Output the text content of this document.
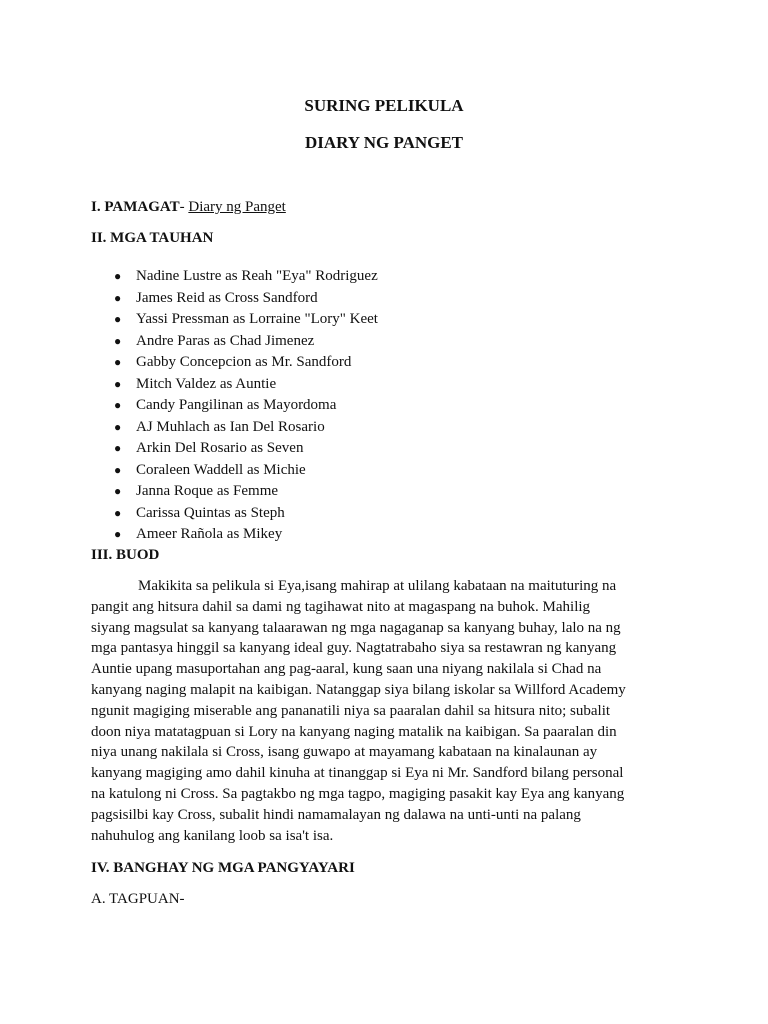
SURING PELIKULA
DIARY NG PANGET
I. PAMAGAT- Diary ng Panget
II. MGA TAUHAN
● Nadine Lustre as Reah "Eya" Rodriguez
● James Reid as Cross Sandford
● Yassi Pressman as Lorraine "Lory" Keet
● Andre Paras as Chad Jimenez
● Gabby Concepcion as Mr. Sandford
● Mitch Valdez as Auntie
● Candy Pangilinan as Mayordoma
● AJ Muhlach as Ian Del Rosario
● Arkin Del Rosario as Seven
● Coraleen Waddell as Michie
● Janna Roque as Femme
● Carissa Quintas as Steph
● Ameer Rañola as Mikey
III. BUOD

Makikita sa pelikula si Eya,isang mahirap at ulilang kabataan na maituturing na
pangit ang hitsura dahil sa dami ng tagihawat nito at magaspang na buhok. Mahilig
siyang magsulat sa kanyang talaarawan ng mga nagaganap sa kanyang buhay, lalo na ng
mga pantasya hinggil sa kanyang ideal guy. Nagtatrabaho siya sa restawran ng kanyang
Auntie upang masuportahan ang pag-aaral, kung saan una niyang nakilala si Chad na
kanyang naging malapit na kaibigan. Natanggap siya bilang iskolar sa Willford Academy
ngunit magiging miserable ang pananatili niya sa paaralan dahil sa hitsura nito; subalit
doon niya matatagpuan si Lory na kanyang naging matalik na kaibigan. Sa paaralan din
niya unang nakilala si Cross, isang guwapo at mayamang kabataan na kinalaunan ay
kanyang magiging amo dahil kinuha at tinanggap si Eya ni Mr. Sandford bilang personal
na katulong ni Cross. Sa pagtakbo ng mga tagpo, magiging pasakit kay Eya ang kanyang
pagsisilbi kay Cross, subalit hindi namamalayan ng dalawa na unti-unti na palang
nahuhulog ang kanilang loob sa isa't isa.

IV. BANGHAY NG MGA PANGYAYARI
A. TAGPUAN-
